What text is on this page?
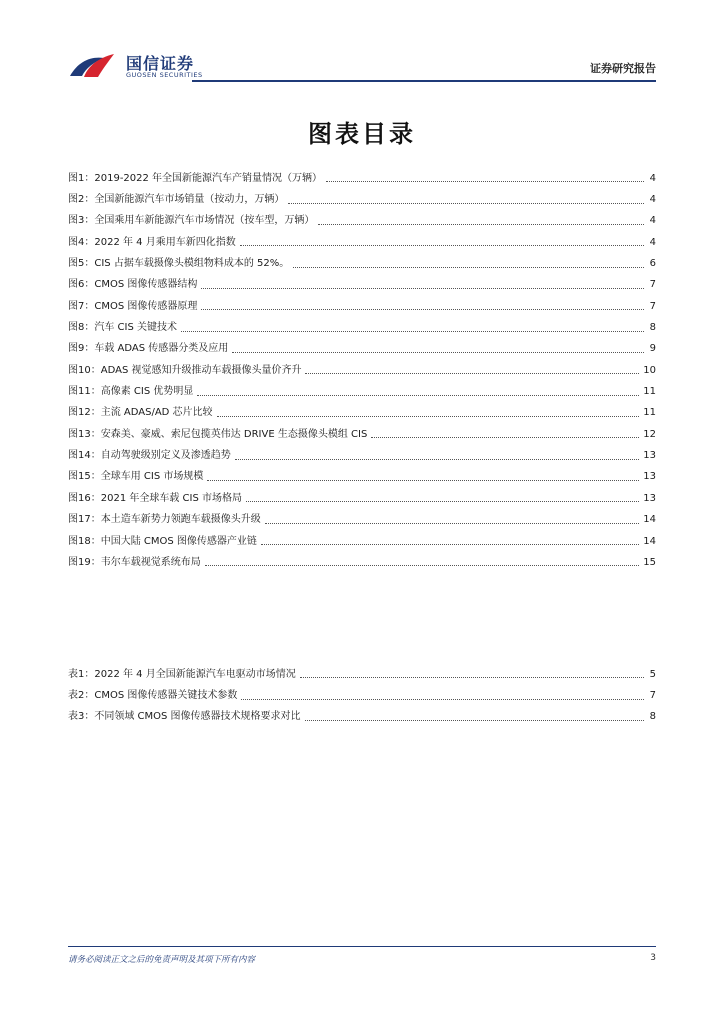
国信证券
GUOSEN SECURITIES	证券研究报告
图表目录
图1： 2019-2022 年全国新能源汽车产销量情况（万辆）	4
图2： 全国新能源汽车市场销量（按动力，万辆）	4
图3： 全国乘用车新能源汽车市场情况（按车型，万辆）	4
图4： 2022 年 4 月乘用车新四化指数	4
图5： CIS 占据车载摄像头模组物料成本的 52%。	6
图6： CMOS 图像传感器结构	7
图7： CMOS 图像传感器原理	7
图8： 汽车 CIS 关键技术	8
图9： 车载 ADAS 传感器分类及应用	9
图10： ADAS 视觉感知升级推动车载摄像头量价齐升	10
图11： 高像素 CIS 优势明显	11
图12： 主流 ADAS/AD 芯片比较	11
图13： 安森美、豪威、索尼包揽英伟达 DRIVE 生态摄像头模组 CIS	12
图14： 自动驾驶级别定义及渗透趋势	13
图15： 全球车用 CIS 市场规模	13
图16： 2021 年全球车载 CIS 市场格局	13
图17： 本土造车新势力领跑车载摄像头升级	14
图18： 中国大陆 CMOS 图像传感器产业链	14
图19： 韦尔车载视觉系统布局	15
表1： 2022 年 4 月全国新能源汽车电驱动市场情况	5
表2： CMOS 图像传感器关键技术参数	7
表3： 不同领域 CMOS 图像传感器技术规格要求对比	8
请务必阅读正文之后的免责声明及其项下所有内容	3
